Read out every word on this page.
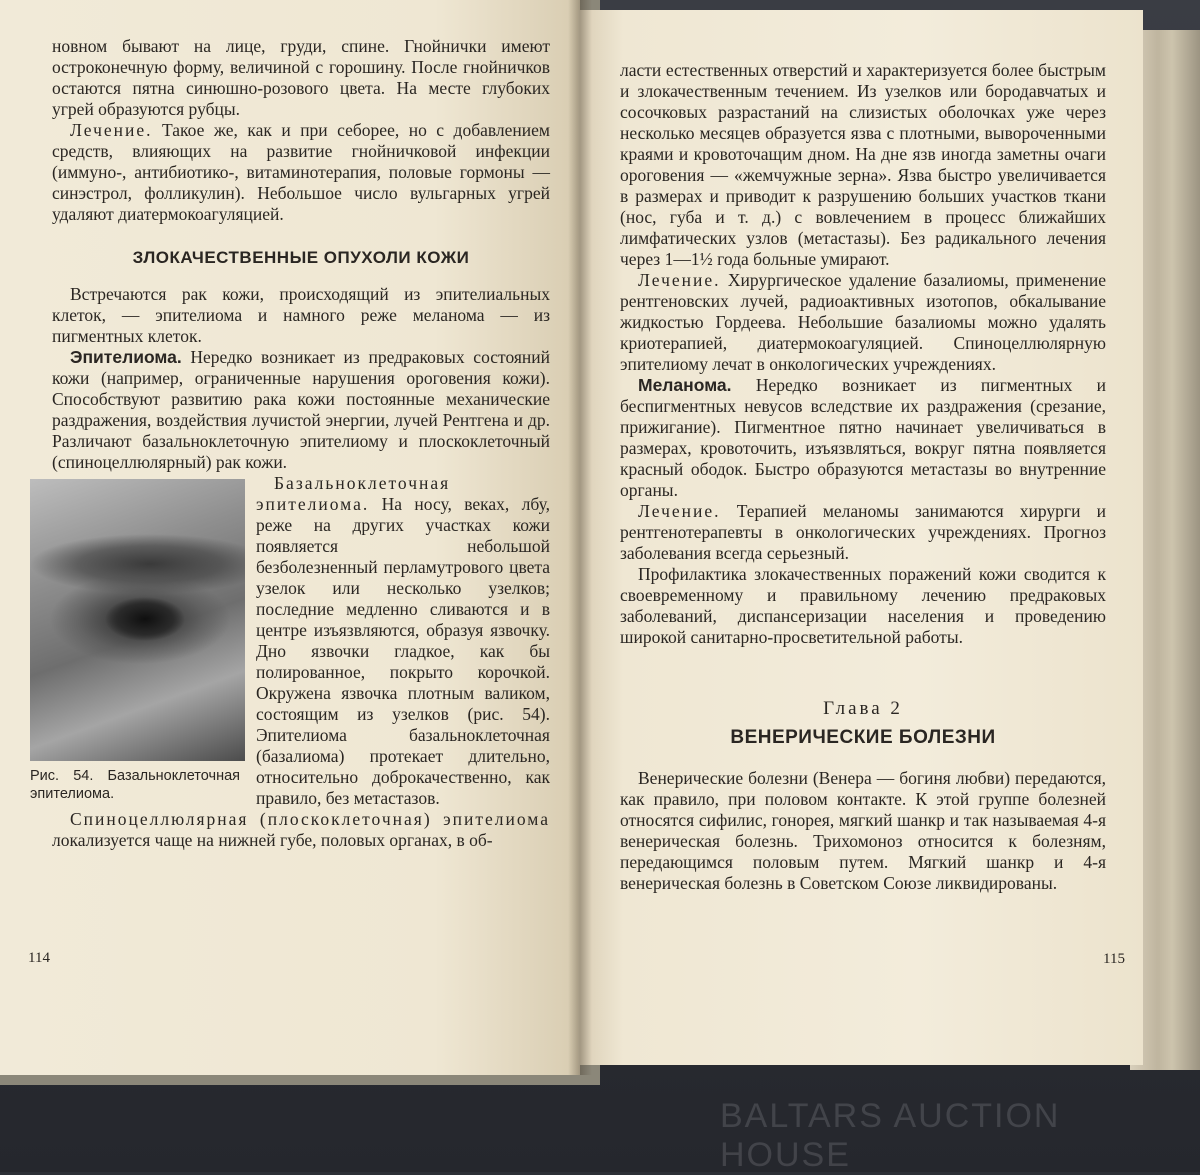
новном бывают на лице, груди, спине. Гнойнички имеют остроконечную форму, величиной с горошину. После гнойничков остаются пятна синюшно-розового цвета. На месте глубоких угрей образуются рубцы.

Лечение. Такое же, как и при себорее, но с добавлением средств, влияющих на развитие гнойничковой инфекции (иммуно-, антибиотико-, витаминотерапия, половые гормоны — синэстрол, фолликулин). Небольшое число вульгарных угрей удаляют диатермокоагуляцией.

ЗЛОКАЧЕСТВЕННЫЕ ОПУХОЛИ КОЖИ

Встречаются рак кожи, происходящий из эпителиальных клеток, — эпителиома и намного реже меланома — из пигментных клеток.

Эпителиома. Нередко возникает из предраковых состояний кожи (например, ограниченные нарушения ороговения кожи). Способствуют развитию рака кожи постоянные механические раздражения, воздействия лучистой энергии, лучей Рентгена и др. Различают базальноклеточную эпителиому и плоскоклеточный (спиноцеллюлярный) рак кожи.

Рис. 54. Базальноклеточная эпителиома.

Базальноклеточная эпителиома. На носу, веках, лбу, реже на других участках кожи появляется небольшой безболезненный перламутрового цвета узелок или несколько узелков; последние медленно сливаются и в центре изъязвляются, образуя язвочку. Дно язвочки гладкое, как бы полированное, покрыто корочкой. Окружена язвочка плотным валиком, состоящим из узелков (рис. 54). Эпителиома базальноклеточная (базалиома) протекает длительно, относительно доброкачественно, как правило, без метастазов.

Спиноцеллюлярная (плоскоклеточная) эпителиома локализуется чаще на нижней губе, половых органах, в об-

114

ласти естественных отверстий и характеризуется более быстрым и злокачественным течением. Из узелков или бородавчатых и сосочковых разрастаний на слизистых оболочках уже через несколько месяцев образуется язва с плотными, вывороченными краями и кровоточащим дном. На дне язв иногда заметны очаги ороговения — «жемчужные зерна». Язва быстро увеличивается в размерах и приводит к разрушению больших участков ткани (нос, губа и т. д.) с вовлечением в процесс ближайших лимфатических узлов (метастазы). Без радикального лечения через 1—1½ года больные умирают.

Лечение. Хирургическое удаление базалиомы, применение рентгеновских лучей, радиоактивных изотопов, обкалывание жидкостью Гордеева. Небольшие базалиомы можно удалять криотерапией, диатермокоагуляцией. Спиноцеллюлярную эпителиому лечат в онкологических учреждениях.

Меланома. Нередко возникает из пигментных и беспигментных невусов вследствие их раздражения (срезание, прижигание). Пигментное пятно начинает увеличиваться в размерах, кровоточить, изъязвляться, вокруг пятна появляется красный ободок. Быстро образуются метастазы во внутренние органы.

Лечение. Терапией меланомы занимаются хирурги и рентгенотерапевты в онкологических учреждениях. Прогноз заболевания всегда серьезный.

Профилактика злокачественных поражений кожи сводится к своевременному и правильному лечению предраковых заболеваний, диспансеризации населения и проведению широкой санитарно-просветительной работы.

Глава 2
ВЕНЕРИЧЕСКИЕ БОЛЕЗНИ

Венерические болезни (Венера — богиня любви) передаются, как правило, при половом контакте. К этой группе болезней относятся сифилис, гонорея, мягкий шанкр и так называемая 4-я венерическая болезнь. Трихомоноз относится к болезням, передающимся половым путем. Мягкий шанкр и 4-я венерическая болезнь в Советском Союзе ликвидированы.

115
BALTARS AUCTION HOUSE
